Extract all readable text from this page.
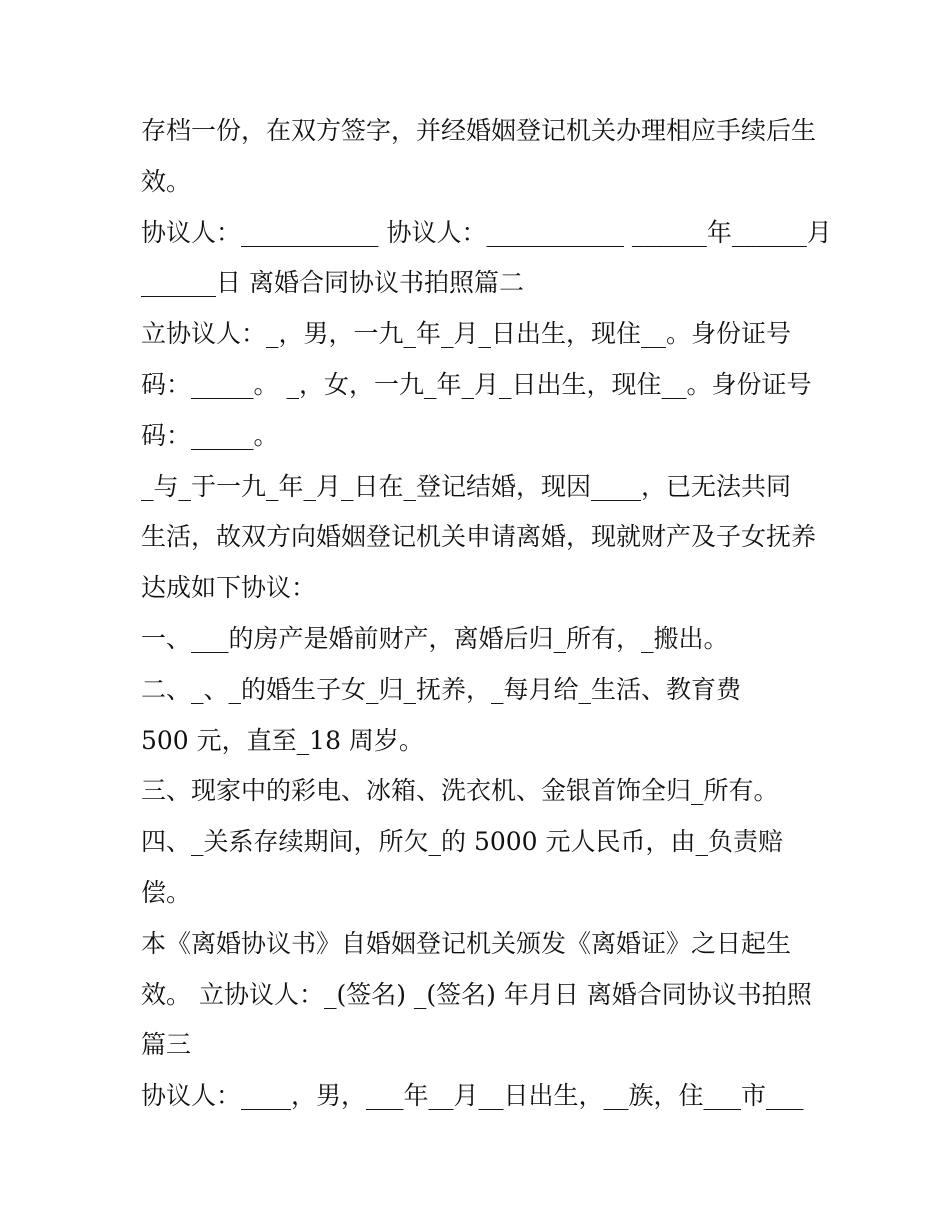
存档一份，在双方签字，并经婚姻登记机关办理相应手续后生
效。
协议人：___________ 协议人：___________ ______年______月
______日 离婚合同协议书拍照篇二
立协议人：_，男，一九_年_月_日出生，现住__。身份证号
码：_____。 _，女，一九_年_月_日出生，现住__。身份证号
码：_____。
_与_于一九_年_月_日在_登记结婚，现因____，已无法共同
生活，故双方向婚姻登记机关申请离婚，现就财产及子女抚养
达成如下协议：
一、___的房产是婚前财产，离婚后归_所有，_搬出。
二、_、_的婚生子女_归_抚养，_每月给_生活、教育费
500 元，直至_18 周岁。
三、现家中的彩电、冰箱、洗衣机、金银首饰全归_所有。
四、_关系存续期间，所欠_的 5000 元人民币，由_负责赔
偿。
本《离婚协议书》自婚姻登记机关颁发《离婚证》之日起生
效。 立协议人：_(签名) _(签名) 年月日 离婚合同协议书拍照
篇三
协议人：____，男，___年__月__日出生，__族，住___市___
